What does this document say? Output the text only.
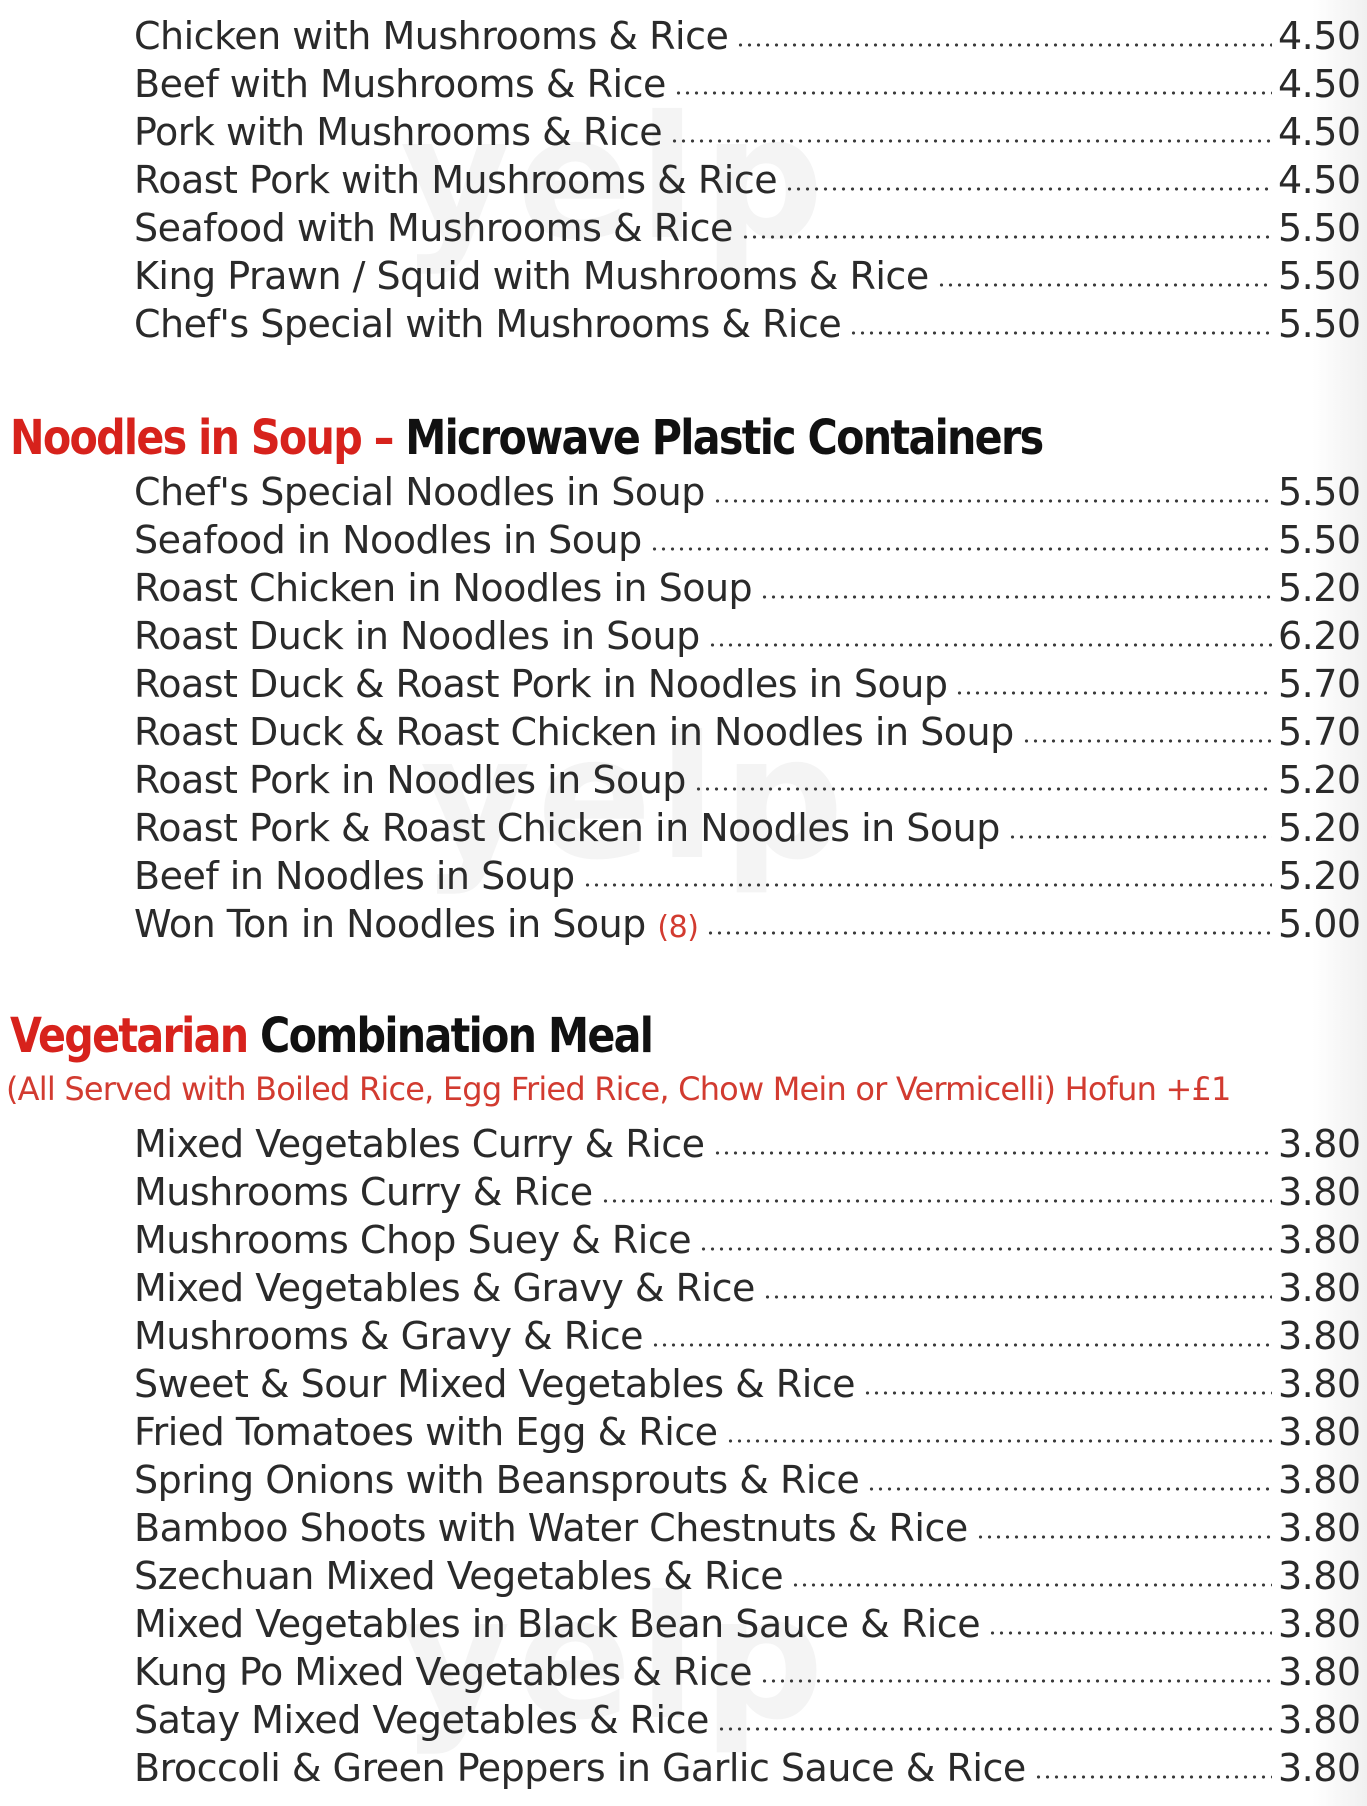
Chicken with Mushrooms & Rice	4.50
Beef with Mushrooms & Rice	4.50
Pork with Mushrooms & Rice	4.50
Roast Pork with Mushrooms & Rice	4.50
Seafood with Mushrooms & Rice	5.50
King Prawn / Squid with Mushrooms & Rice	5.50
Chef's Special with Mushrooms & Rice	5.50
Noodles in Soup – Microwave Plastic Containers
Chef's Special Noodles in Soup	5.50
Seafood in Noodles in Soup	5.50
Roast Chicken in Noodles in Soup	5.20
Roast Duck in Noodles in Soup	6.20
Roast Duck & Roast Pork in Noodles in Soup	5.70
Roast Duck & Roast Chicken in Noodles in Soup	5.70
Roast Pork in Noodles in Soup	5.20
Roast Pork & Roast Chicken in Noodles in Soup	5.20
Beef in Noodles in Soup	5.20
Won Ton in Noodles in Soup (8)	5.00
Vegetarian Combination Meal
(All Served with Boiled Rice, Egg Fried Rice, Chow Mein or Vermicelli) Hofun +£1
Mixed Vegetables Curry & Rice	3.80
Mushrooms Curry & Rice	3.80
Mushrooms Chop Suey & Rice	3.80
Mixed Vegetables & Gravy & Rice	3.80
Mushrooms & Gravy & Rice	3.80
Sweet & Sour Mixed Vegetables & Rice	3.80
Fried Tomatoes with Egg & Rice	3.80
Spring Onions with Beansprouts & Rice	3.80
Bamboo Shoots with Water Chestnuts & Rice	3.80
Szechuan Mixed Vegetables & Rice	3.80
Mixed Vegetables in Black Bean Sauce & Rice	3.80
Kung Po Mixed Vegetables & Rice	3.80
Satay Mixed Vegetables & Rice	3.80
Broccoli & Green Peppers in Garlic Sauce & Rice	3.80
